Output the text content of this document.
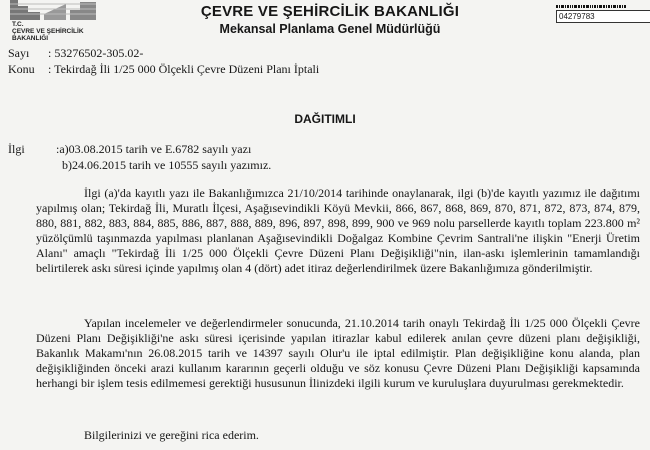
T.C.
ÇEVRE VE ŞEHİRCİLİK
BAKANLIĞI
ÇEVRE VE ŞEHİRCİLİK BAKANLIĞI
Mekansal Planlama Genel Müdürlüğü
04279783
Sayı : 53276502-305.02-
Konu : Tekirdağ İli 1/25 000 Ölçekli Çevre Düzeni Planı İptali
DAĞITIMLI
İlgi	:a)03.08.2015 tarih ve E.6782 sayılı yazı
b)24.06.2015 tarih ve 10555 sayılı yazımız.

İlgi (a)'da kayıtlı yazı ile Bakanlığımızca 21/10/2014 tarihinde onaylanarak, ilgi (b)'de kayıtlı yazımız ile dağıtımı yapılmış olan; Tekirdağ İli, Muratlı İlçesi, Aşağısevindikli Köyü Mevkii, 866, 867, 868, 869, 870, 871, 872, 873, 874, 879, 880, 881, 882, 883, 884, 885, 886, 887, 888, 889, 896, 897, 898, 899, 900 ve 969 nolu parsellerde kayıtlı toplam 223.800 m² yüzölçümlü taşınmazda yapılması planlanan Aşağısevindikli Doğalgaz Kombine Çevrim Santrali'ne ilişkin "Enerji Üretim Alanı" amaçlı "Tekirdağ İli 1/25 000 Ölçekli Çevre Düzeni Planı Değişikliği"nin, ilan-askı işlemlerinin tamamlandığı belirtilerek askı süresi içinde yapılmış olan 4 (dört) adet itiraz değerlendirilmek üzere Bakanlığımıza gönderilmiştir.

Yapılan incelemeler ve değerlendirmeler sonucunda, 21.10.2014 tarih onaylı Tekirdağ İli 1/25 000 Ölçekli Çevre Düzeni Planı Değişikliği'ne askı süresi içerisinde yapılan itirazlar kabul edilerek anılan çevre düzeni planı değişikliği, Bakanlık Makamı'nın 26.08.2015 tarih ve 14397 sayılı Olur'u ile iptal edilmiştir. Plan değişikliğine konu alanda, plan değişikliğinden önceki arazi kullanım kararının geçerli olduğu ve söz konusu Çevre Düzeni Planı Değişikliği kapsamında herhangi bir işlem tesis edilmemesi gerektiği hususunun İlinizdeki ilgili kurum ve kuruluşlara duyurulması gerekmektedir.

Bilgilerinizi ve gereğini rica ederim.
